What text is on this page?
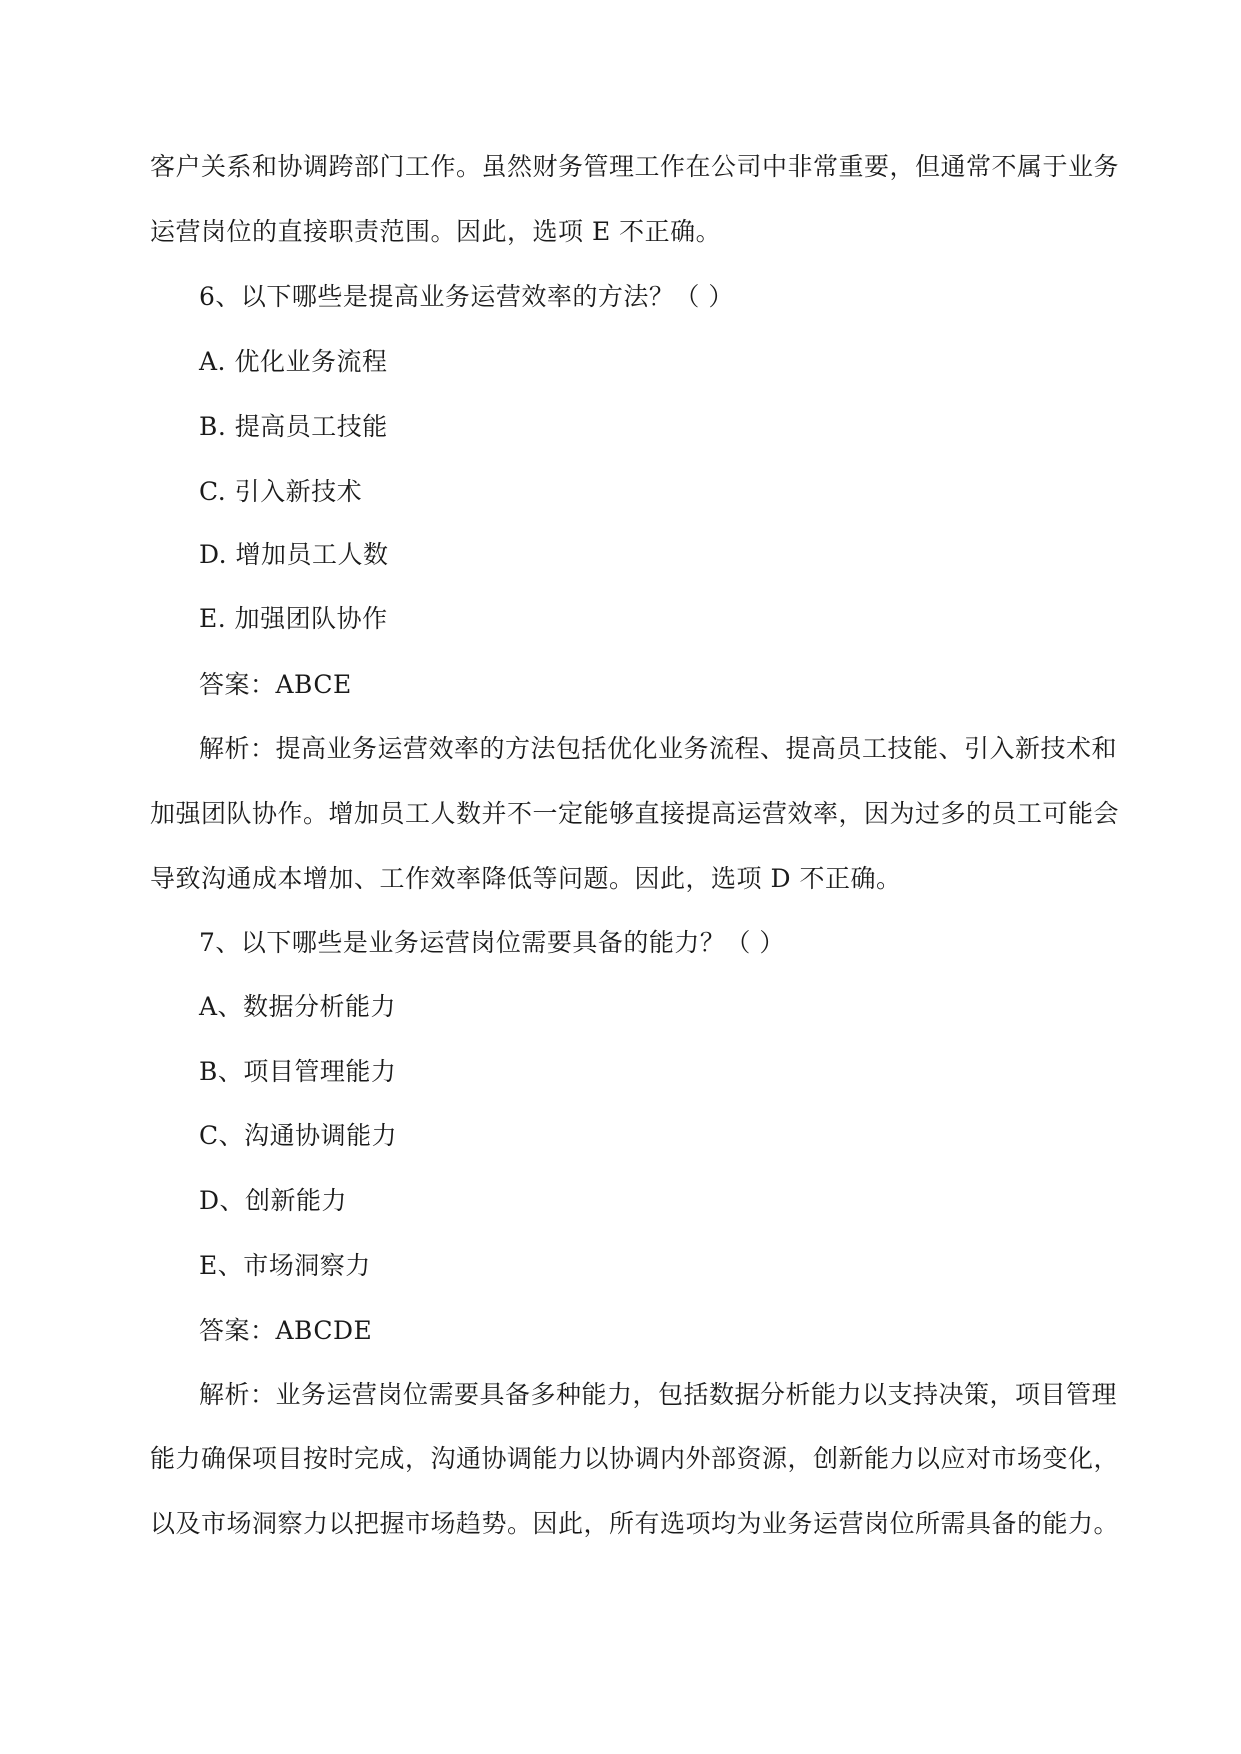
客户关系和协调跨部门工作。虽然财务管理工作在公司中非常重要，但通常不属于业务
运营岗位的直接职责范围。因此，选项 E 不正确。
6、以下哪些是提高业务运营效率的方法？（ ）
A. 优化业务流程
B. 提高员工技能
C. 引入新技术
D. 增加员工人数
E. 加强团队协作
答案：ABCE
解析：提高业务运营效率的方法包括优化业务流程、提高员工技能、引入新技术和
加强团队协作。增加员工人数并不一定能够直接提高运营效率，因为过多的员工可能会
导致沟通成本增加、工作效率降低等问题。因此，选项 D 不正确。
7、以下哪些是业务运营岗位需要具备的能力？（ ）
A、数据分析能力
B、项目管理能力
C、沟通协调能力
D、创新能力
E、市场洞察力
答案：ABCDE
解析：业务运营岗位需要具备多种能力，包括数据分析能力以支持决策，项目管理
能力确保项目按时完成，沟通协调能力以协调内外部资源，创新能力以应对市场变化，
以及市场洞察力以把握市场趋势。因此，所有选项均为业务运营岗位所需具备的能力。
